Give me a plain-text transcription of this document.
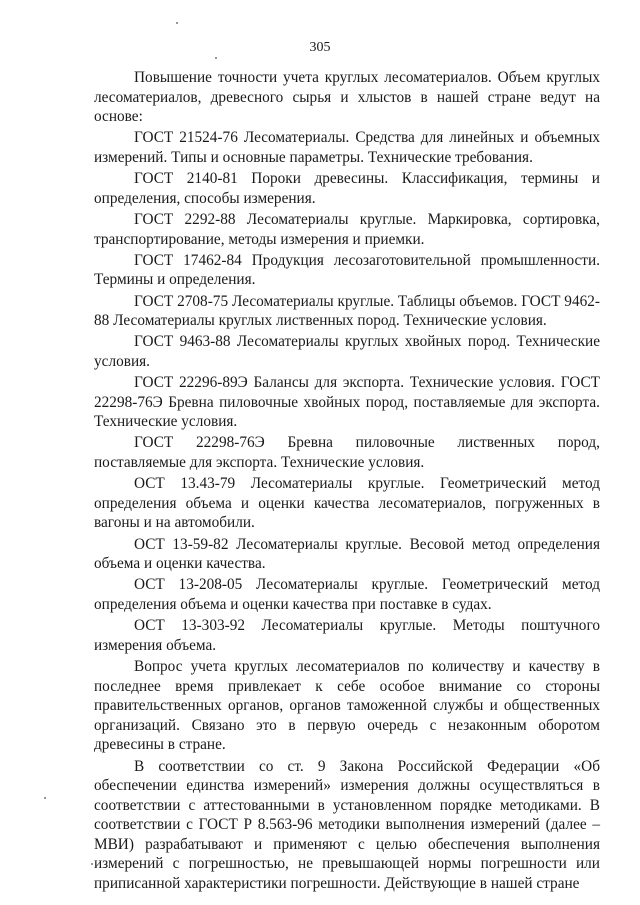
305

Повышение точности учета круглых лесоматериалов. Объем круглых лесоматериалов, древесного сырья и хлыстов в нашей стране ведут на основе:

ГОСТ 21524-76 Лесоматериалы. Средства для линейных и объемных измерений. Типы и основные параметры. Технические требования.

ГОСТ 2140-81 Пороки древесины. Классификация, термины и определения, способы измерения.

ГОСТ 2292-88 Лесоматериалы круглые. Маркировка, сортировка, транспортирование, методы измерения и приемки.

ГОСТ 17462-84 Продукция лесозаготовительной промышленности. Термины и определения.

ГОСТ 2708-75 Лесоматериалы круглые. Таблицы объемов. ГОСТ 9462-88 Лесоматериалы круглых лиственных пород. Технические условия.

ГОСТ 9463-88 Лесоматериалы круглых хвойных пород. Технические условия.

ГОСТ 22296-89Э Балансы для экспорта. Технические условия. ГОСТ 22298-76Э Бревна пиловочные хвойных пород, поставляемые для экспорта. Технические условия.

ГОСТ 22298-76Э Бревна пиловочные лиственных пород, поставляемые для экспорта. Технические условия.

ОСТ 13.43-79 Лесоматериалы круглые. Геометрический метод определения объема и оценки качества лесоматериалов, погруженных в вагоны и на автомобили.

ОСТ 13-59-82 Лесоматериалы круглые. Весовой метод определения объема и оценки качества.

ОСТ 13-208-05 Лесоматериалы круглые. Геометрический метод определения объема и оценки качества при поставке в судах.

ОСТ 13-303-92 Лесоматериалы круглые. Методы поштучного измерения объема.

Вопрос учета круглых лесоматериалов по количеству и качеству в последнее время привлекает к себе особое внимание со стороны правительственных органов, органов таможенной службы и общественных организаций. Связано это в первую очередь с незаконным оборотом древесины в стране.

В соответствии со ст. 9 Закона Российской Федерации «Об обеспечении единства измерений» измерения должны осуществляться в соответствии с аттестованными в установленном порядке методиками. В соответствии с ГОСТ Р 8.563-96 методики выполнения измерений (далее – МВИ) разрабатывают и применяют с целью обеспечения выполнения измерений с погрешностью, не превышающей нормы погрешности или приписанной характеристики погрешности. Действующие в нашей стране
